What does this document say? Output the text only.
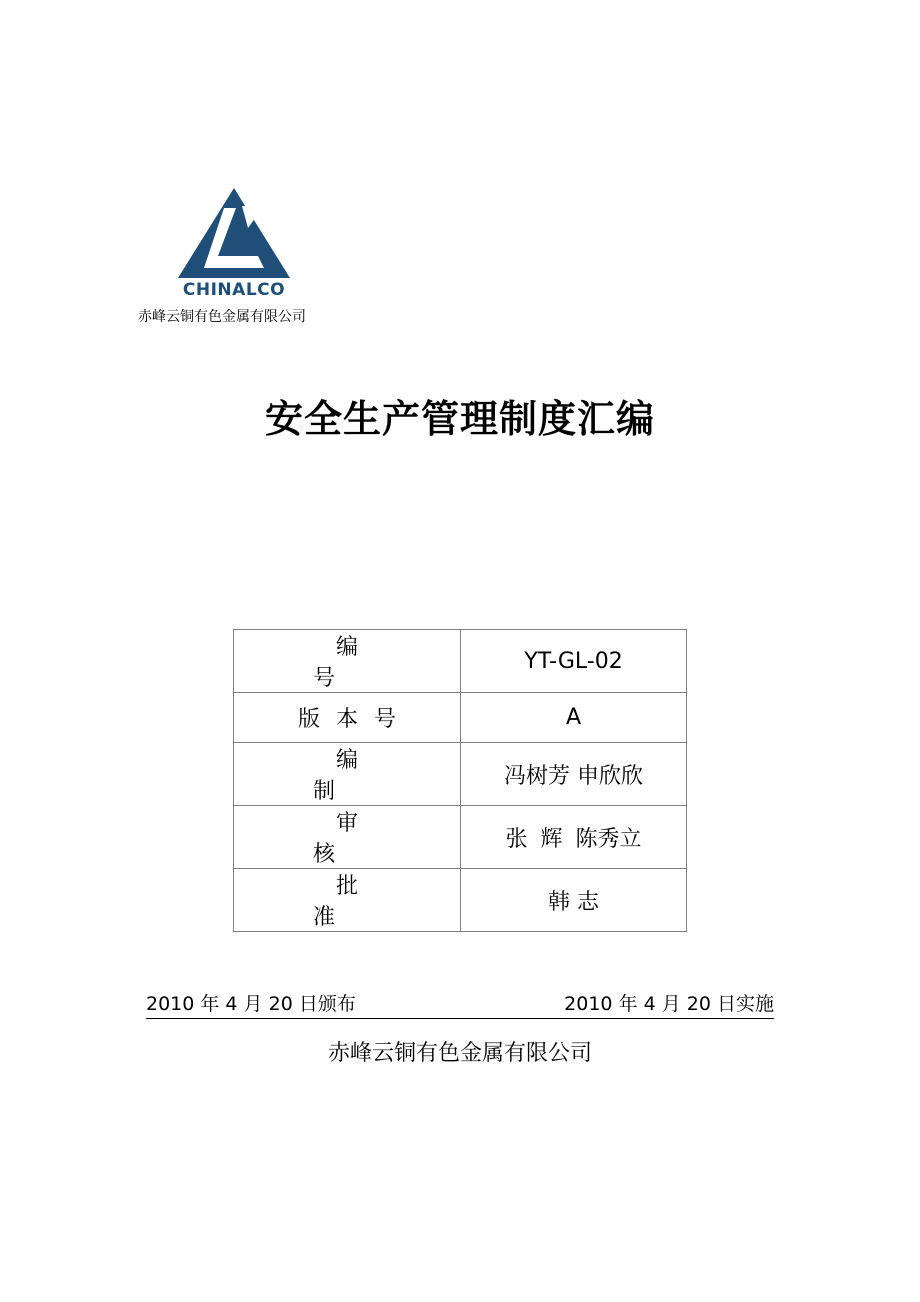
CHINALCO
赤峰云铜有色金属有限公司
安全生产管理制度汇编
编 号	YT-GL-02
版本号	A
编 制	冯树芳 申欣欣
审 核	张 辉 陈秀立
批 准	韩 志
2010 年 4 月 20 日颁布	2010 年 4 月 20 日实施
赤峰云铜有色金属有限公司
